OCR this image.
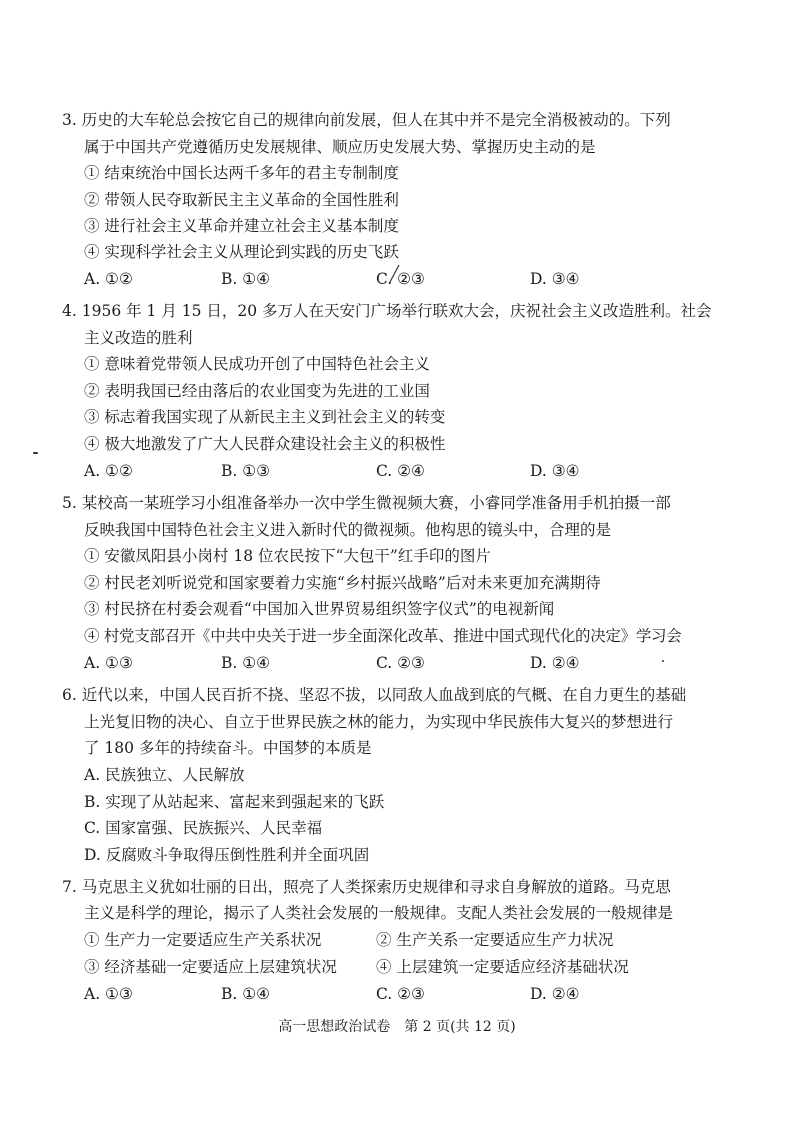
3. 历史的大车轮总会按它自己的规律向前发展，但人在其中并不是完全消极被动的。下列
属于中国共产党遵循历史发展规律、顺应历史发展大势、掌握历史主动的是
① 结束统治中国长达两千多年的君主专制制度
② 带领人民夺取新民主主义革命的全国性胜利
③ 进行社会主义革命并建立社会主义基本制度
④ 实现科学社会主义从理论到实践的历史飞跃
A. ①②	B. ①④	C. ②③	D. ③④
4. 1956 年 1 月 15 日，20 多万人在天安门广场举行联欢大会，庆祝社会主义改造胜利。社会
主义改造的胜利
① 意味着党带领人民成功开创了中国特色社会主义
② 表明我国已经由落后的农业国变为先进的工业国
③ 标志着我国实现了从新民主主义到社会主义的转变
④ 极大地激发了广大人民群众建设社会主义的积极性
A. ①②	B. ①③	C. ②④	D. ③④
5. 某校高一某班学习小组准备举办一次中学生微视频大赛，小睿同学准备用手机拍摄一部
反映我国中国特色社会主义进入新时代的微视频。他构思的镜头中，合理的是
① 安徽凤阳县小岗村 18 位农民按下“大包干”红手印的图片
② 村民老刘听说党和国家要着力实施“乡村振兴战略”后对未来更加充满期待
③ 村民挤在村委会观看“中国加入世界贸易组织签字仪式”的电视新闻
④ 村党支部召开《中共中央关于进一步全面深化改革、推进中国式现代化的决定》学习会
A. ①③	B. ①④	C. ②③	D. ②④
6. 近代以来，中国人民百折不挠、坚忍不拔，以同敌人血战到底的气概、在自力更生的基础
上光复旧物的决心、自立于世界民族之林的能力，为实现中华民族伟大复兴的梦想进行
了 180 多年的持续奋斗。中国梦的本质是
A. 民族独立、人民解放
B. 实现了从站起来、富起来到强起来的飞跃
C. 国家富强、民族振兴、人民幸福
D. 反腐败斗争取得压倒性胜利并全面巩固
7. 马克思主义犹如壮丽的日出，照亮了人类探索历史规律和寻求自身解放的道路。马克思
主义是科学的理论，揭示了人类社会发展的一般规律。支配人类社会发展的一般规律是
① 生产力一定要适应生产关系状况	② 生产关系一定要适应生产力状况
③ 经济基础一定要适应上层建筑状况	④ 上层建筑一定要适应经济基础状况
A. ①③	B. ①④	C. ②③	D. ②④
高一思想政治试卷　第 2 页(共 12 页)
